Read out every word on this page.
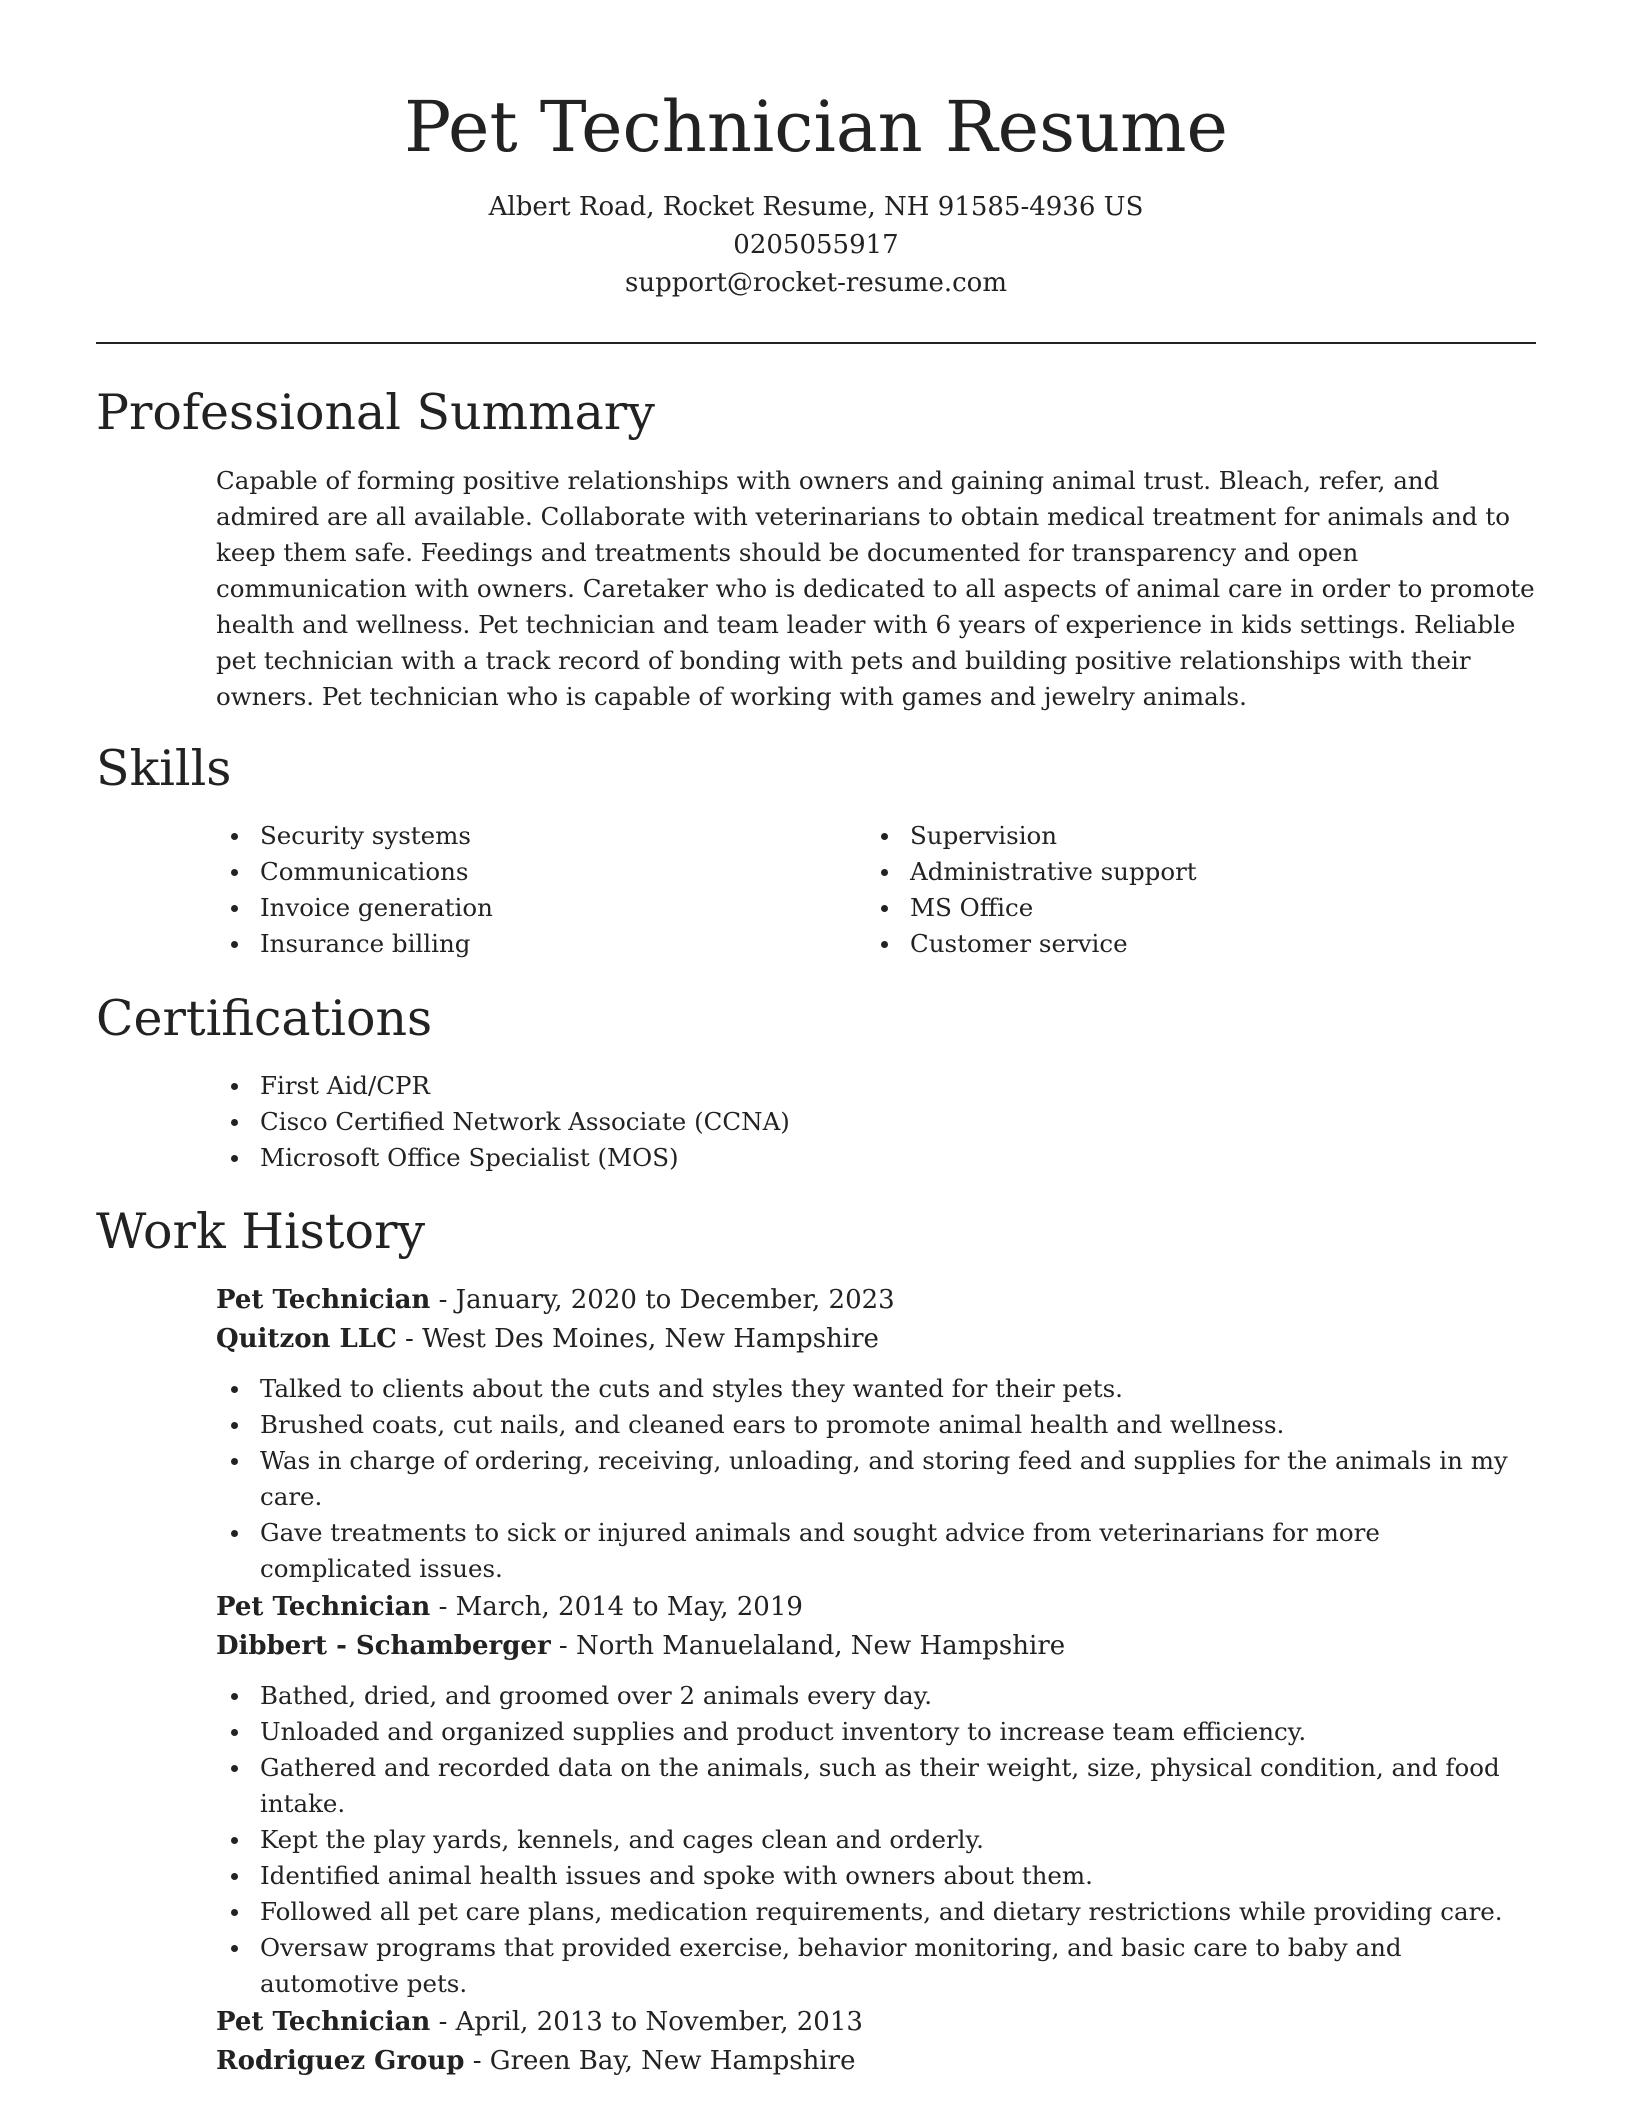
Pet Technician Resume
Albert Road, Rocket Resume, NH 91585-4936 US
0205055917
support@rocket-resume.com
Professional Summary
Capable of forming positive relationships with owners and gaining animal trust. Bleach, refer, and admired are all available. Collaborate with veterinarians to obtain medical treatment for animals and to keep them safe. Feedings and treatments should be documented for transparency and open communication with owners. Caretaker who is dedicated to all aspects of animal care in order to promote health and wellness. Pet technician and team leader with 6 years of experience in kids settings. Reliable pet technician with a track record of bonding with pets and building positive relationships with their owners. Pet technician who is capable of working with games and jewelry animals.
Skills
Security systems
Communications
Invoice generation
Insurance billing
Supervision
Administrative support
MS Office
Customer service
Certifications
First Aid/CPR
Cisco Certified Network Associate (CCNA)
Microsoft Office Specialist (MOS)
Work History
Pet Technician - January, 2020 to December, 2023
Quitzon LLC - West Des Moines, New Hampshire
Talked to clients about the cuts and styles they wanted for their pets.
Brushed coats, cut nails, and cleaned ears to promote animal health and wellness.
Was in charge of ordering, receiving, unloading, and storing feed and supplies for the animals in my care.
Gave treatments to sick or injured animals and sought advice from veterinarians for more complicated issues.
Pet Technician - March, 2014 to May, 2019
Dibbert - Schamberger - North Manuelaland, New Hampshire
Bathed, dried, and groomed over 2 animals every day.
Unloaded and organized supplies and product inventory to increase team efficiency.
Gathered and recorded data on the animals, such as their weight, size, physical condition, and food intake.
Kept the play yards, kennels, and cages clean and orderly.
Identified animal health issues and spoke with owners about them.
Followed all pet care plans, medication requirements, and dietary restrictions while providing care.
Oversaw programs that provided exercise, behavior monitoring, and basic care to baby and automotive pets.
Pet Technician - April, 2013 to November, 2013
Rodriguez Group - Green Bay, New Hampshire
